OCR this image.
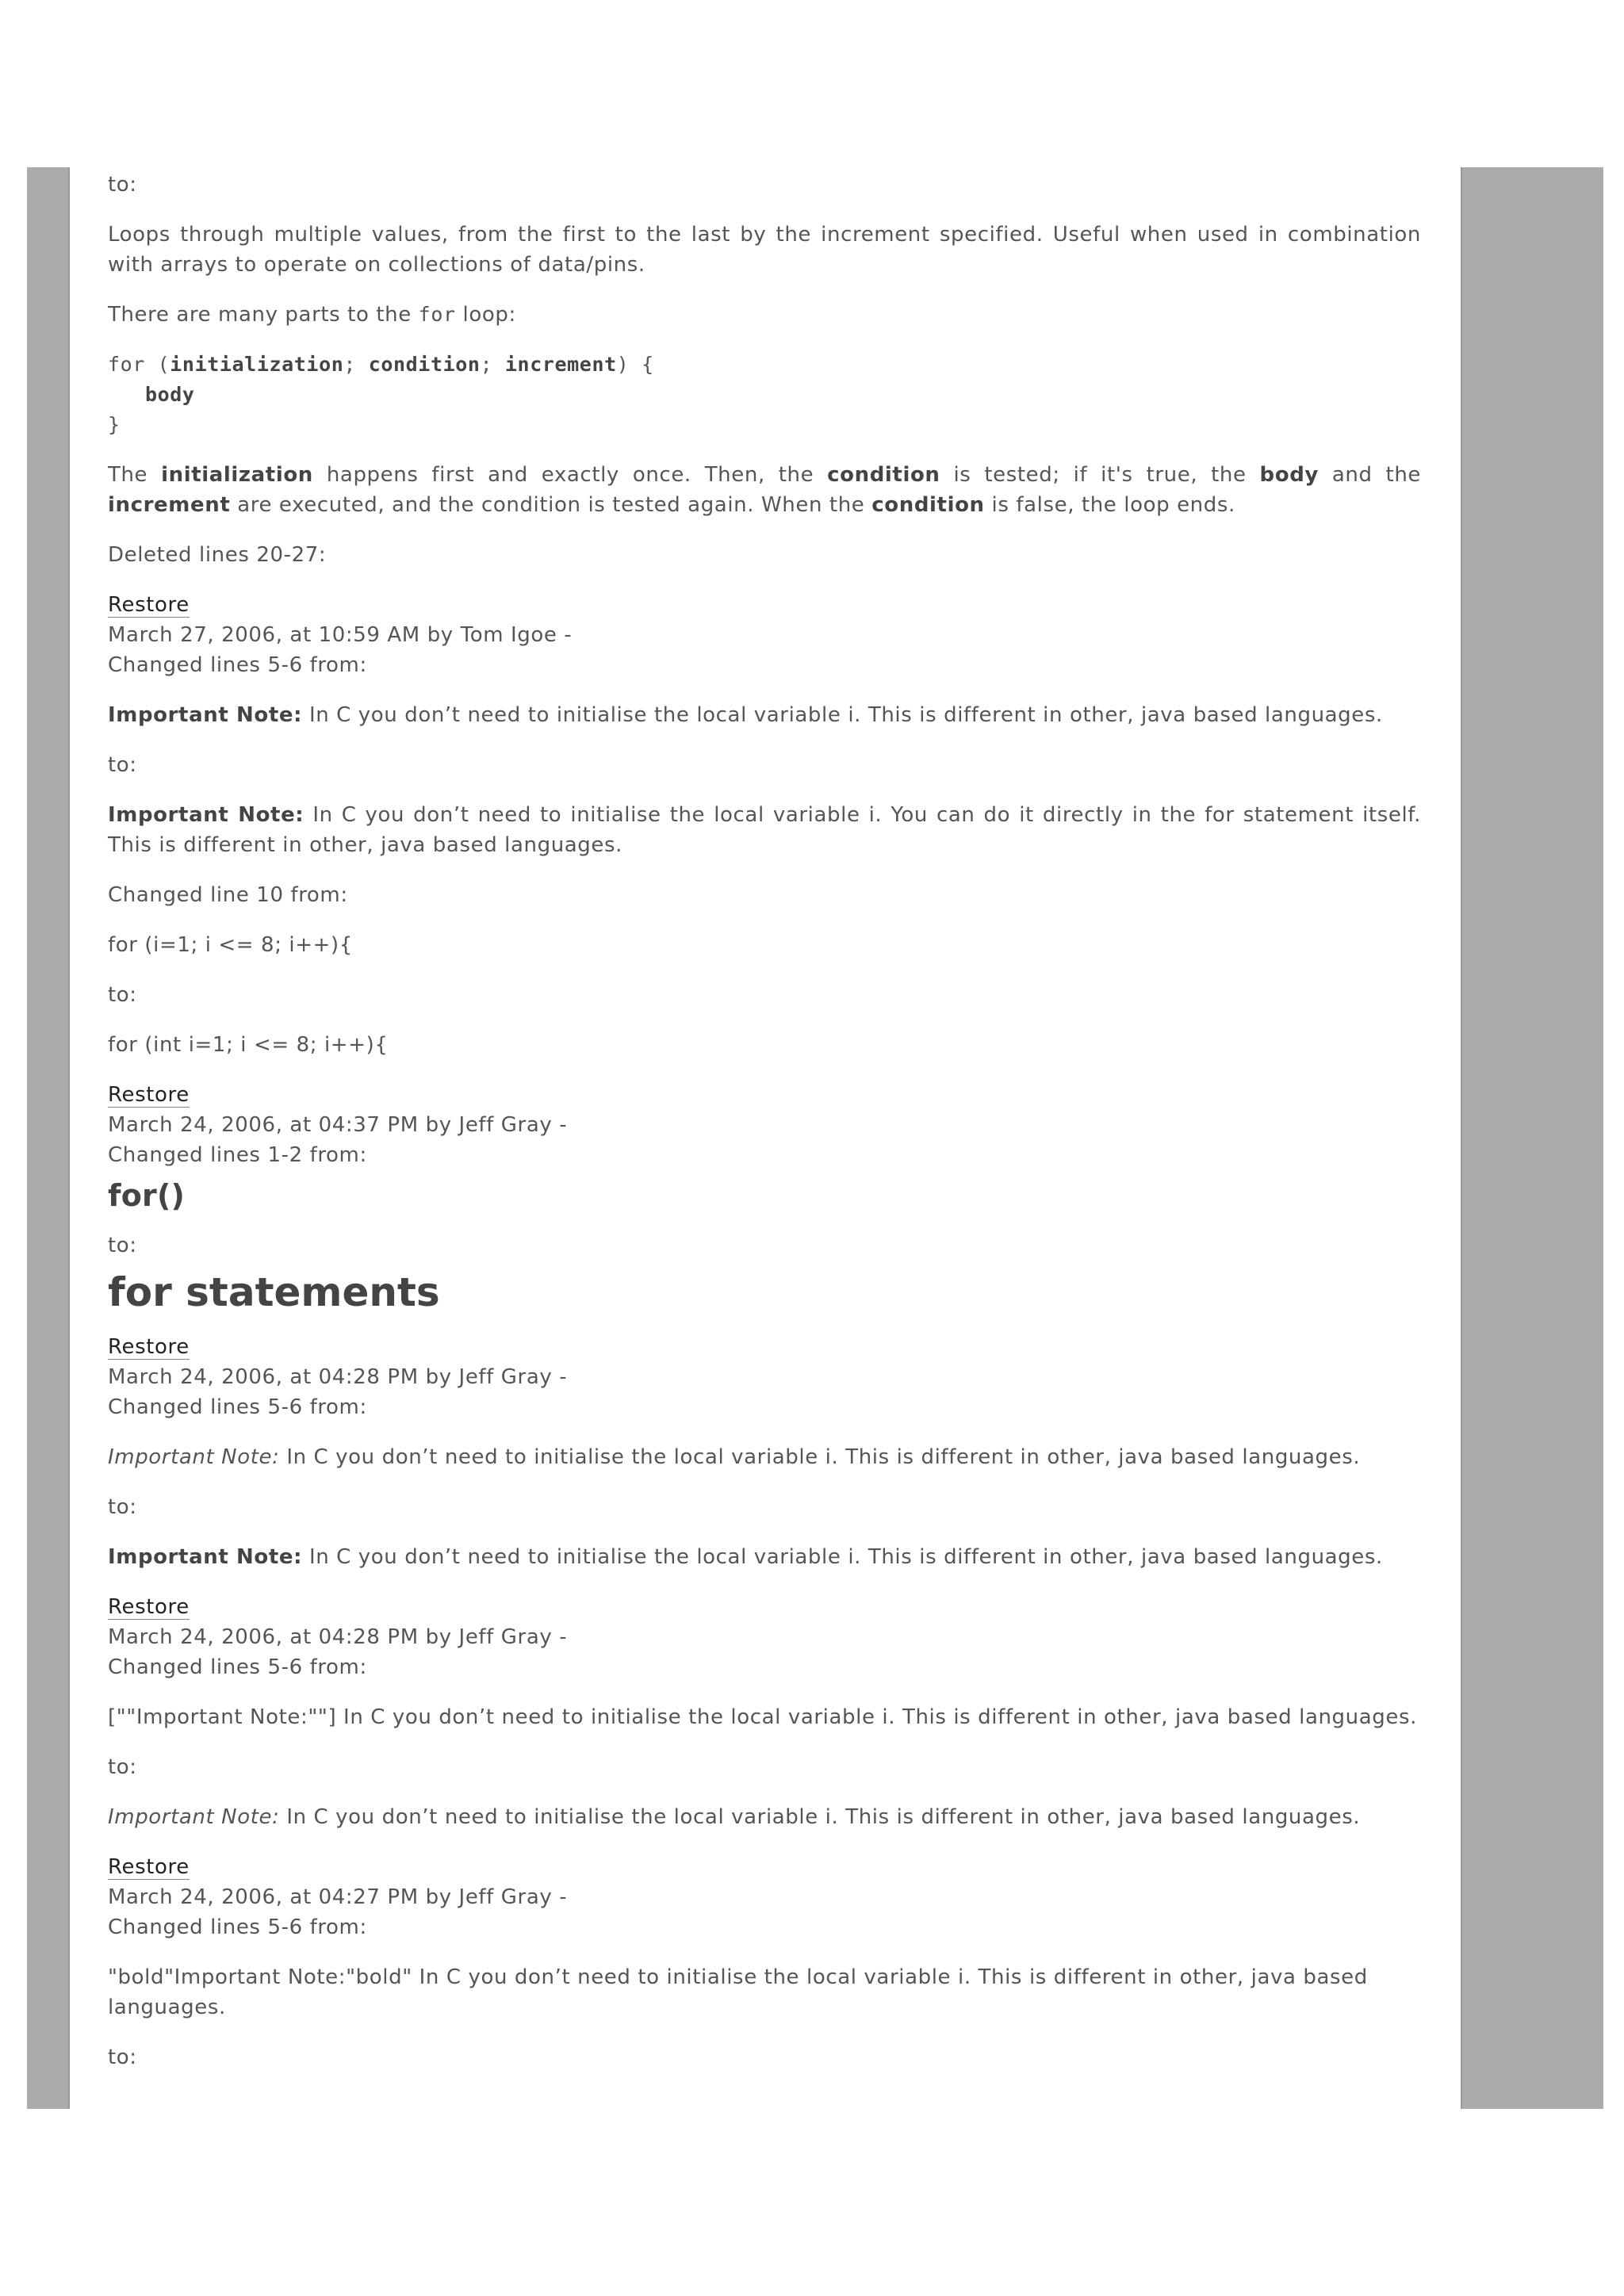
to:

Loops through multiple values, from the first to the last by the increment specified. Useful when used in combination with arrays to operate on collections of data/pins.

There are many parts to the for loop:

for (initialization; condition; increment) {
body
}

The initialization happens first and exactly once. Then, the condition is tested; if it's true, the body and the increment are executed, and the condition is tested again. When the condition is false, the loop ends.

Deleted lines 20-27:

Restore

March 27, 2006, at 10:59 AM by Tom Igoe -

Changed lines 5-6 from:

Important Note: In C you don’t need to initialise the local variable i. This is different in other, java based languages.

to:

Important Note: In C you don’t need to initialise the local variable i. You can do it directly in the for statement itself. This is different in other, java based languages.

Changed line 10 from:

for (i=1; i <= 8; i++){

to:

for (int i=1; i <= 8; i++){

Restore

March 24, 2006, at 04:37 PM by Jeff Gray -

Changed lines 1-2 from:

for()

to:

for statements

Restore

March 24, 2006, at 04:28 PM by Jeff Gray -

Changed lines 5-6 from:

Important Note: In C you don’t need to initialise the local variable i. This is different in other, java based languages.

to:

Important Note: In C you don’t need to initialise the local variable i. This is different in other, java based languages.

Restore

March 24, 2006, at 04:28 PM by Jeff Gray -

Changed lines 5-6 from:

[""Important Note:""] In C you don’t need to initialise the local variable i. This is different in other, java based languages.

to:

Important Note: In C you don’t need to initialise the local variable i. This is different in other, java based languages.

Restore

March 24, 2006, at 04:27 PM by Jeff Gray -

Changed lines 5-6 from:

"bold"Important Note:"bold" In C you don’t need to initialise the local variable i. This is different in other, java based languages.

to:
